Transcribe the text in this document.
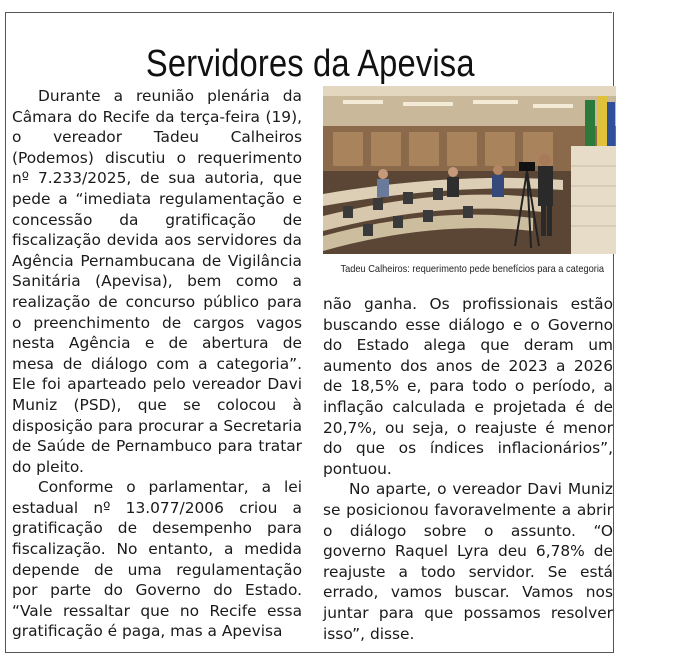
Servidores da Apevisa

Durante a reunião plenária da Câmara do Recife da terça-feira (19), o vereador Tadeu Calheiros (Podemos) discutiu o requerimento nº 7.233/2025, de sua autoria, que pede a “imediata regulamentação e concessão da gratificação de fiscalização devida aos servidores da Agência Pernambucana de Vigilância Sanitária (Apevisa), bem como a realização de concurso público para o preenchimento de cargos vagos nesta Agência e de abertura de mesa de diálogo com a categoria”. Ele foi aparteado pelo vereador Davi Muniz (PSD), que se colocou à disposição para procurar a Secretaria de Saúde de Pernambuco para tratar do pleito.

Conforme o parlamentar, a lei estadual nº 13.077/2006 criou a gratificação de desempenho para fiscalização. No entanto, a medida depende de uma regulamentação por parte do Governo do Estado. “Vale ressaltar que no Recife essa gratificação é paga, mas a Apevisa

Tadeu Calheiros: requerimento pede benefícios para a categoria

não ganha. Os profissionais estão buscando esse diálogo e o Governo do Estado alega que deram um aumento dos anos de 2023 a 2026 de 18,5% e, para todo o período, a inflação calculada e projetada é de 20,7%, ou seja, o reajuste é menor do que os índices inflacionários”, pontuou.

No aparte, o vereador Davi Muniz se posicionou favoravelmente a abrir o diálogo sobre o assunto. “O governo Raquel Lyra deu 6,78% de reajuste a todo servidor. Se está errado, vamos buscar. Vamos nos juntar para que possamos resolver isso”, disse.
